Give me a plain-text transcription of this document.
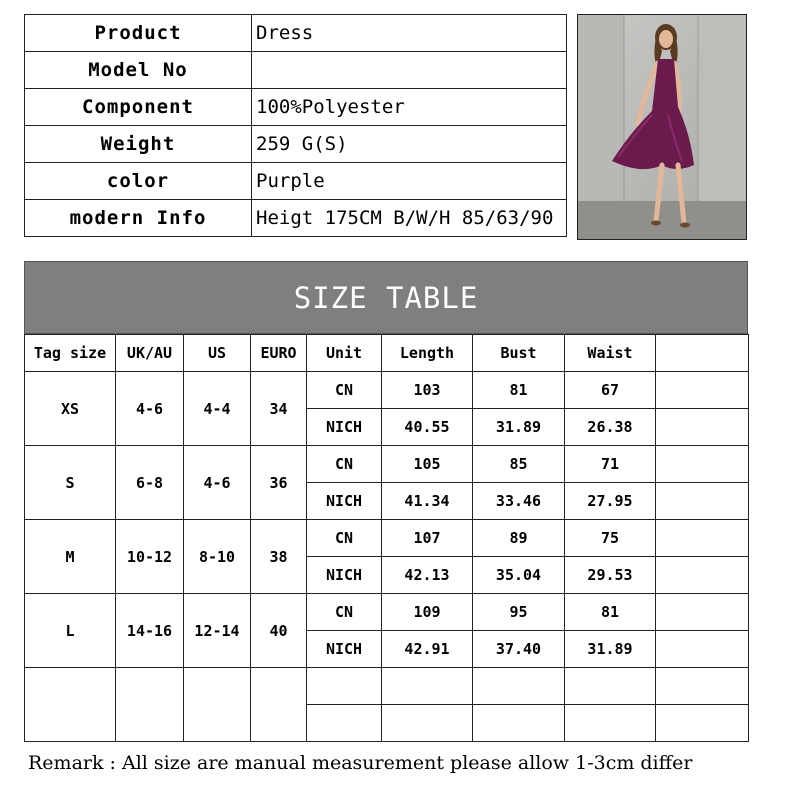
Product	Dress
Model No	
Component	100%Polyester
Weight	259 G(S)
color	Purple
modern Info	Heigt 175CM B/W/H 85/63/90
SIZE TABLE
Tag size	UK/AU	US	EURO	Unit	Length	Bust	Waist	
XS	4-6	4-4	34	CN	103	81	67	
				NICH	40.55	31.89	26.38	
S	6-8	4-6	36	CN	105	85	71	
				NICH	41.34	33.46	27.95	
M	10-12	8-10	38	CN	107	89	75	
				NICH	42.13	35.04	29.53	
L	14-16	12-14	40	CN	109	95	81	
				NICH	42.91	37.40	31.89	

Remark : All size are manual measurement please allow 1-3cm differ
